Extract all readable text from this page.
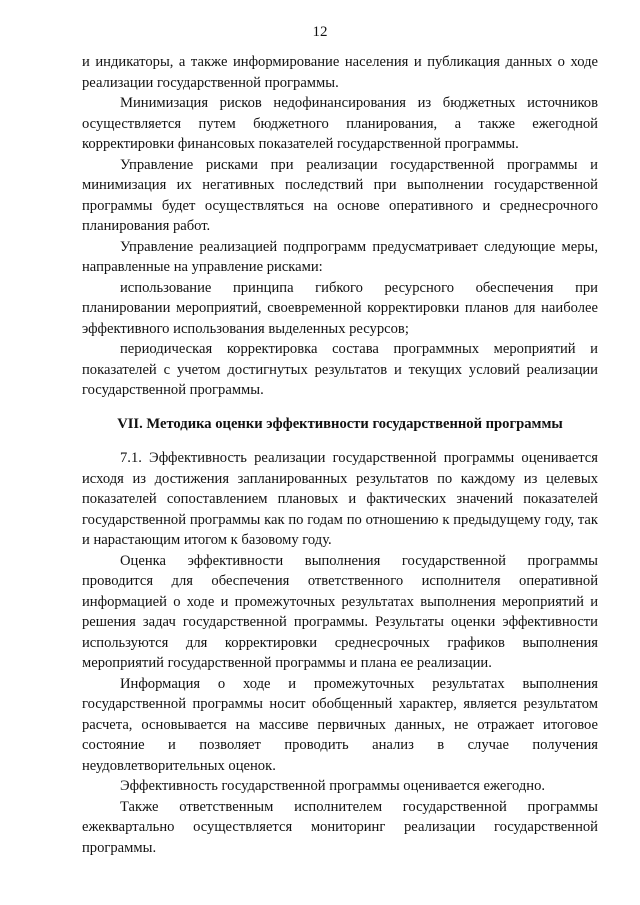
12

и индикаторы, а также информирование населения и публикация данных о ходе реализации государственной программы.

Минимизация рисков недофинансирования из бюджетных источников осуществляется путем бюджетного планирования, а также ежегодной корректировки финансовых показателей государственной программы.

Управление рисками при реализации государственной программы и минимизация их негативных последствий при выполнении государственной программы будет осуществляться на основе оперативного и среднесрочного планирования работ.

Управление реализацией подпрограмм предусматривает следующие меры, направленные на управление рисками:

использование принципа гибкого ресурсного обеспечения при планировании мероприятий, своевременной корректировки планов для наиболее эффективного использования выделенных ресурсов;

периодическая корректировка состава программных мероприятий и показателей с учетом достигнутых результатов и текущих условий реализации государственной программы.

VII. Методика оценки эффективности государственной программы

7.1. Эффективность реализации государственной программы оценивается исходя из достижения запланированных результатов по каждому из целевых показателей сопоставлением плановых и фактических значений показателей государственной программы как по годам по отношению к предыдущему году, так и нарастающим итогом к базовому году.

Оценка эффективности выполнения государственной программы проводится для обеспечения ответственного исполнителя оперативной информацией о ходе и промежуточных результатах выполнения мероприятий и решения задач государственной программы. Результаты оценки эффективности используются для корректировки среднесрочных графиков выполнения мероприятий государственной программы и плана ее реализации.

Информация о ходе и промежуточных результатах выполнения государственной программы носит обобщенный характер, является результатом расчета, основывается на массиве первичных данных, не отражает итоговое состояние и позволяет проводить анализ в случае получения неудовлетворительных оценок.

Эффективность государственной программы оценивается ежегодно.

Также ответственным исполнителем государственной программы ежеквартально осуществляется мониторинг реализации государственной программы.
